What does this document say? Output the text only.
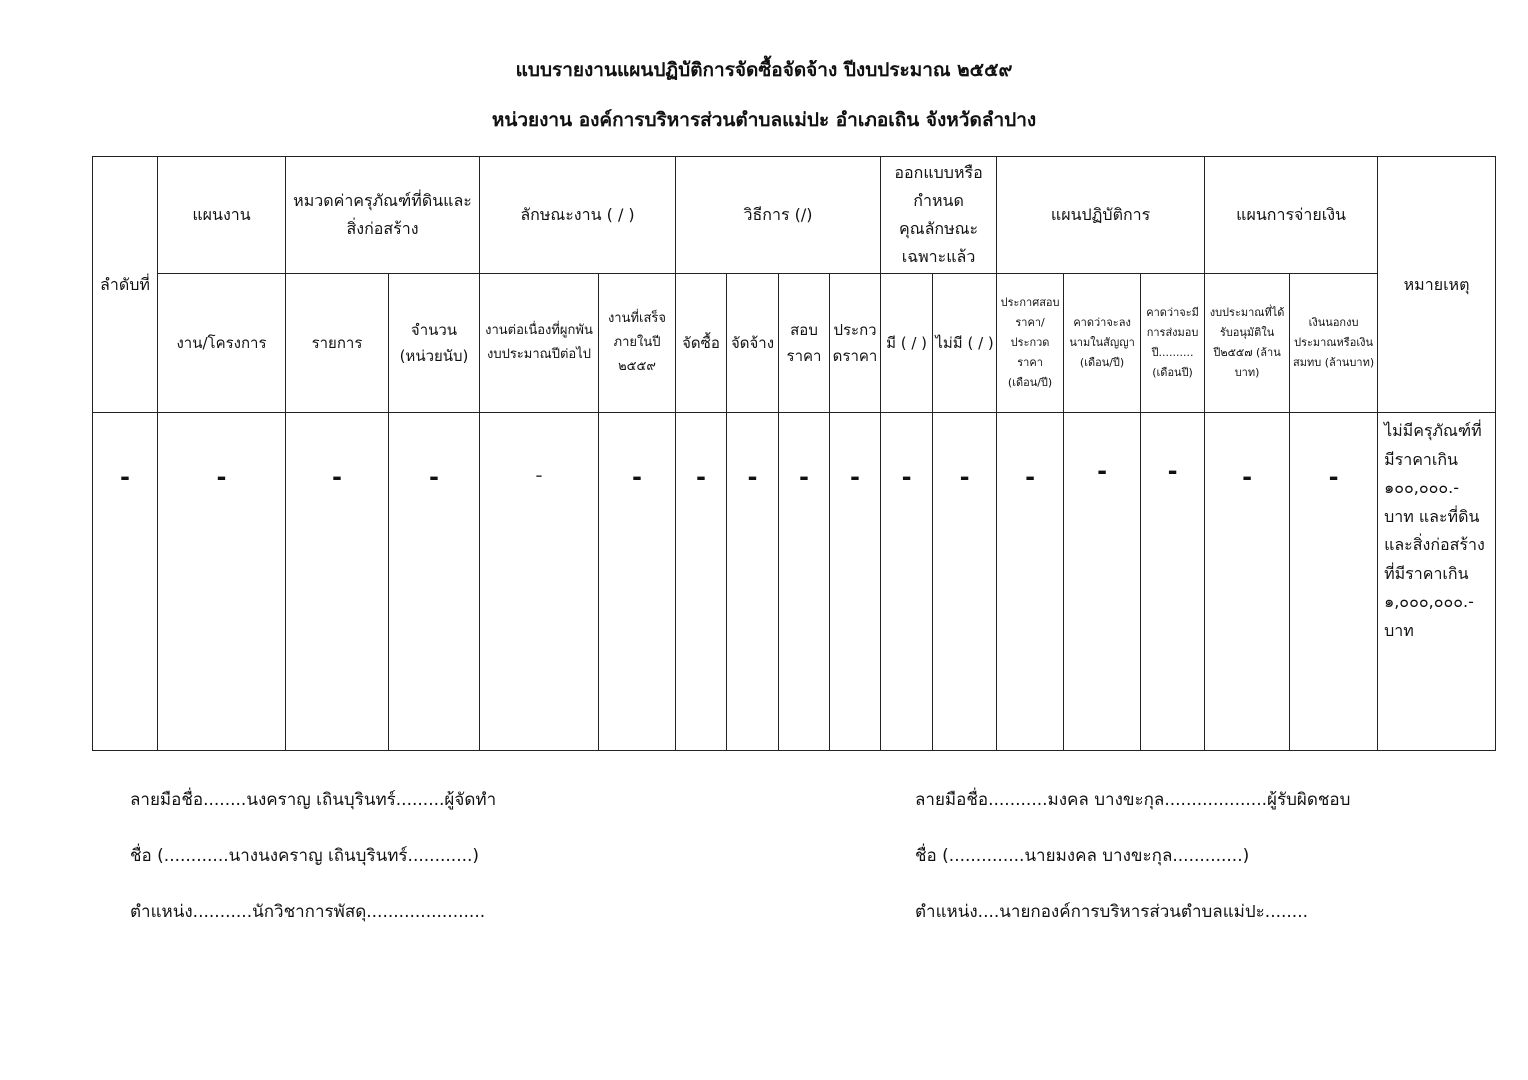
แบบรายงานแผนปฏิบัติการจัดซื้อจัดจ้าง ปีงบประมาณ ๒๕๕๙
หน่วยงาน องค์การบริหารส่วนตำบลแม่ปะ อำเภอเถิน จังหวัดลำปาง
ลำดับที่	แผนงาน	หมวดค่าครุภัณฑ์ที่ดินและสิ่งก่อสร้าง		ลักษณะงาน ( / )		วิธีการ (/)				ออกแบบหรือกำหนดคุณลักษณะเฉพาะแล้ว		แผนปฏิบัติการ			แผนการจ่ายเงิน		หมายเหตุ
	งาน/โครงการ	รายการ	จำนวน (หน่วยนับ)	งานต่อเนื่องที่ผูกพันงบประมาณปีต่อไป	งานที่เสร็จภายในปี ๒๕๕๙	จัดซื้อ	จัดจ้าง	สอบราคา	ประกวดราคา	มี ( / )	ไม่มี ( / )	ประกาศสอบราคา/ประกวดราคา (เดือน/ปี)	คาดว่าจะลงนามในสัญญา (เดือน/ปี)	คาดว่าจะมีการส่งมอบปี.......... (เดือนปี)	งบประมาณที่ได้รับอนุมัติในปี๒๕๕๗ (ล้านบาท)	เงินนอกงบประมาณหรือเงินสมทบ (ล้านบาท)	
-	-	-	-	-	-	-	-	-	-	-	-	-	-	-	-	-	ไม่มีครุภัณฑ์ที่มีราคาเกิน ๑๐๐,๐๐๐.- บาท และที่ดินและสิ่งก่อสร้างที่มีราคาเกิน ๑,๐๐๐,๐๐๐.- บาท
ลายมือชื่อ........นงคราญ เถินบุรินทร์.........ผู้จัดทำ
ชื่อ (............นางนงคราญ เถินบุรินทร์............)
ตำแหน่ง...........นักวิชาการพัสดุ......................
ลายมือชื่อ...........มงคล บางขะกุล...................ผู้รับผิดชอบ
ชื่อ (..............นายมงคล บางขะกุล.............)
ตำแหน่ง....นายกองค์การบริหารส่วนตำบลแม่ปะ........
